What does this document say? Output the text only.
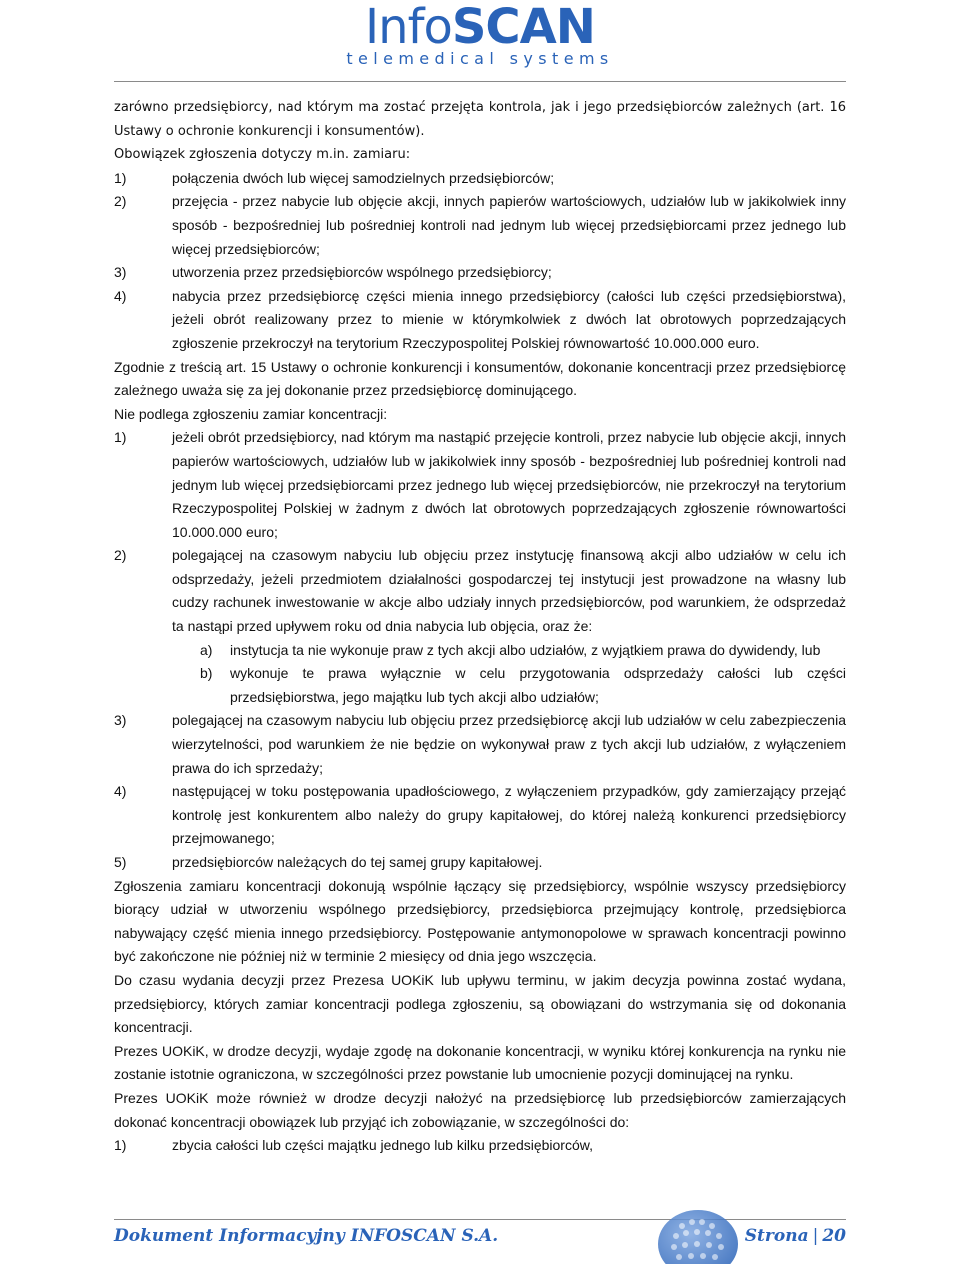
InfoSCAN
telemedical systems

zarówno przedsiębiorcy, nad którym ma zostać przejęta kontrola, jak i jego przedsiębiorców zależnych (art. 16 Ustawy o ochronie konkurencji i konsumentów).

Obowiązek zgłoszenia dotyczy m.in. zamiaru:

1)	połączenia dwóch lub więcej samodzielnych przedsiębiorców;
2)	przejęcia - przez nabycie lub objęcie akcji, innych papierów wartościowych, udziałów lub w jakikolwiek inny sposób - bezpośredniej lub pośredniej kontroli nad jednym lub więcej przedsiębiorcami przez jednego lub więcej przedsiębiorców;
3)	utworzenia przez przedsiębiorców wspólnego przedsiębiorcy;
4)	nabycia przez przedsiębiorcę części mienia innego przedsiębiorcy (całości lub części przedsiębiorstwa), jeżeli obrót realizowany przez to mienie w którymkolwiek z dwóch lat obrotowych poprzedzających zgłoszenie przekroczył na terytorium Rzeczypospolitej Polskiej równowartość 10.000.000 euro.

Zgodnie z treścią art. 15 Ustawy o ochronie konkurencji i konsumentów, dokonanie koncentracji przez przedsiębiorcę zależnego uważa się za jej dokonanie przez przedsiębiorcę dominującego.

Nie podlega zgłoszeniu zamiar koncentracji:

1)	jeżeli obrót przedsiębiorcy, nad którym ma nastąpić przejęcie kontroli, przez nabycie lub objęcie akcji, innych papierów wartościowych, udziałów lub w jakikolwiek inny sposób - bezpośredniej lub pośredniej kontroli nad jednym lub więcej przedsiębiorcami przez jednego lub więcej przedsiębiorców, nie przekroczył na terytorium Rzeczypospolitej Polskiej w żadnym z dwóch lat obrotowych poprzedzających zgłoszenie równowartości 10.000.000 euro;
2)	polegającej na czasowym nabyciu lub objęciu przez instytucję finansową akcji albo udziałów w celu ich odsprzedaży, jeżeli przedmiotem działalności gospodarczej tej instytucji jest prowadzone na własny lub cudzy rachunek inwestowanie w akcje albo udziały innych przedsiębiorców, pod warunkiem, że odsprzedaż ta nastąpi przed upływem roku od dnia nabycia lub objęcia, oraz że:
a) instytucja ta nie wykonuje praw z tych akcji albo udziałów, z wyjątkiem prawa do dywidendy, lub
b) wykonuje te prawa wyłącznie w celu przygotowania odsprzedaży całości lub części przedsiębiorstwa, jego majątku lub tych akcji albo udziałów;
3)	polegającej na czasowym nabyciu lub objęciu przez przedsiębiorcę akcji lub udziałów w celu zabezpieczenia wierzytelności, pod warunkiem że nie będzie on wykonywał praw z tych akcji lub udziałów, z wyłączeniem prawa do ich sprzedaży;
4)	następującej w toku postępowania upadłościowego, z wyłączeniem przypadków, gdy zamierzający przejąć kontrolę jest konkurentem albo należy do grupy kapitałowej, do której należą konkurenci przedsiębiorcy przejmowanego;
5)	przedsiębiorców należących do tej samej grupy kapitałowej.

Zgłoszenia zamiaru koncentracji dokonują wspólnie łączący się przedsiębiorcy, wspólnie wszyscy przedsiębiorcy biorący udział w utworzeniu wspólnego przedsiębiorcy, przedsiębiorca przejmujący kontrolę, przedsiębiorca nabywający część mienia innego przedsiębiorcy. Postępowanie antymonopolowe w sprawach koncentracji powinno być zakończone nie później niż w terminie 2 miesięcy od dnia jego wszczęcia.

Do czasu wydania decyzji przez Prezesa UOKiK lub upływu terminu, w jakim decyzja powinna zostać wydana, przedsiębiorcy, których zamiar koncentracji podlega zgłoszeniu, są obowiązani do wstrzymania się od dokonania koncentracji.

Prezes UOKiK, w drodze decyzji, wydaje zgodę na dokonanie koncentracji, w wyniku której konkurencja na rynku nie zostanie istotnie ograniczona, w szczególności przez powstanie lub umocnienie pozycji dominującej na rynku.

Prezes UOKiK może również w drodze decyzji nałożyć na przedsiębiorcę lub przedsiębiorców zamierzających dokonać koncentracji obowiązek lub przyjąć ich zobowiązanie, w szczególności do:

1)	zbycia całości lub części majątku jednego lub kilku przedsiębiorców,
Dokument Informacyjny INFOSCAN S.A.	Strona | 20
